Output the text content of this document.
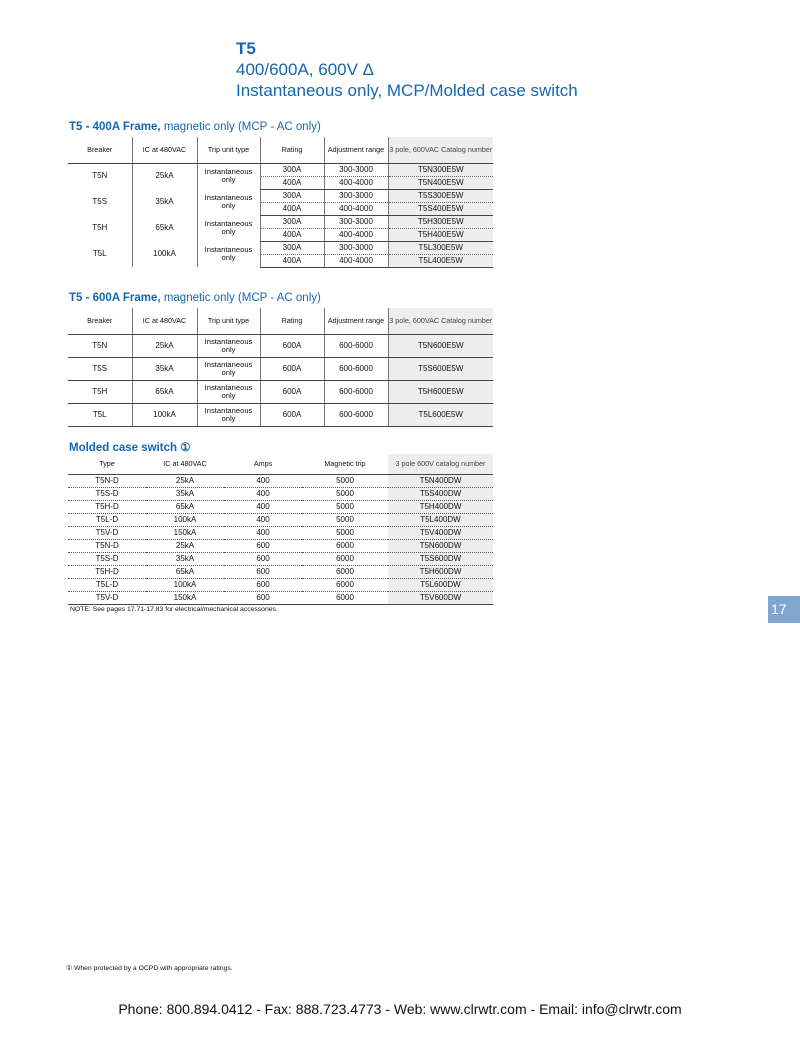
T5
400/600A, 600V Δ
Instantaneous only, MCP/Molded case switch
T5 - 400A Frame, magnetic only (MCP - AC only)
Breaker	IC at 480VAC	Trip unit type	Rating	Adjustment range	3 pole, 600VAC Catalog number
T5N	25kA	Instantaneous only	300A	300-3000	T5N300E5W
			400A	400-4000	T5N400E5W
T5S	35kA	Instantaneous only	300A	300-3000	T5S300E5W
			400A	400-4000	T5S400E5W
T5H	65kA	Instantaneous only	300A	300-3000	T5H300E5W
			400A	400-4000	T5H400E5W
T5L	100kA	Instantaneous only	300A	300-3000	T5L300E5W
			400A	400-4000	T5L400E5W
T5 - 600A Frame, magnetic only (MCP - AC only)
Breaker	IC at 480VAC	Trip unit type	Rating	Adjustment range	3 pole, 600VAC Catalog number
T5N	25kA	Instantaneous only	600A	600-6000	T5N600E5W
T5S	35kA	Instantaneous only	600A	600-6000	T5S600E5W
T5H	65kA	Instantaneous only	600A	600-6000	T5H600E5W
T5L	100kA	Instantaneous only	600A	600-6000	T5L600E5W
Molded case switch ①
Type	IC at 480VAC	Amps	Magnetic trip	3 pole 600V catalog number
T5N-D	25kA	400	5000	T5N400DW
T5S-D	35kA	400	5000	T5S400DW
T5H-D	65kA	400	5000	T5H400DW
T5L-D	100kA	400	5000	T5L400DW
T5V-D	150kA	400	5000	T5V400DW
T5N-D	25kA	600	6000	T5N600DW
T5S-D	35kA	600	6000	T5S600DW
T5H-D	65kA	600	6000	T5H600DW
T5L-D	100kA	600	6000	T5L600DW
T5V-D	150kA	600	6000	T5V600DW
NOTE: See pages 17.71-17.83 for electrical/mechanical accessories.	17
① When protected by a OCPD with appropriate ratings.
Phone: 800.894.0412 - Fax: 888.723.4773 - Web: www.clrwtr.com - Email: info@clrwtr.com
